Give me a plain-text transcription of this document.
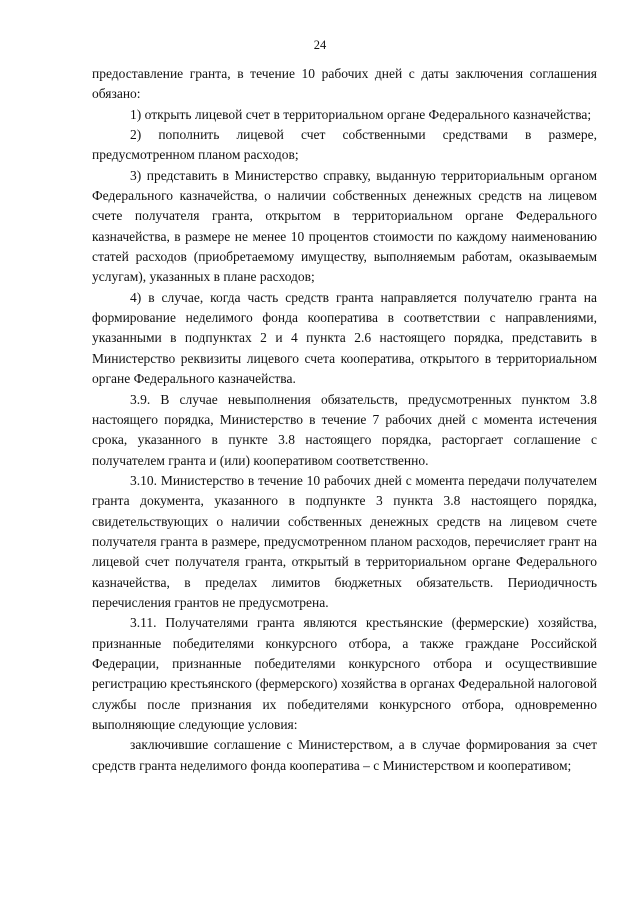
24

предоставление гранта, в течение 10 рабочих дней с даты заключения соглашения обязано:

1) открыть лицевой счет в территориальном органе Федерального казначейства;

2) пополнить лицевой счет собственными средствами в размере, предусмотренном планом расходов;

3) представить в Министерство справку, выданную территориальным органом Федерального казначейства, о наличии собственных денежных средств на лицевом счете получателя гранта, открытом в территориальном органе Федерального казначейства, в размере не менее 10 процентов стоимости по каждому наименованию статей расходов (приобретаемому имуществу, выполняемым работам, оказываемым услугам), указанных в плане расходов;

4) в случае, когда часть средств гранта направляется получателю гранта на формирование неделимого фонда кооператива в соответствии с направлениями, указанными в подпунктах 2 и 4 пункта 2.6 настоящего порядка, представить в Министерство реквизиты лицевого счета кооператива, открытого в территориальном органе Федерального казначейства.

3.9. В случае невыполнения обязательств, предусмотренных пунктом 3.8 настоящего порядка, Министерство в течение 7 рабочих дней с момента истечения срока, указанного в пункте 3.8 настоящего порядка, расторгает соглашение с получателем гранта и (или) кооперативом соответственно.

3.10. Министерство в течение 10 рабочих дней с момента передачи получателем гранта документа, указанного в подпункте 3 пункта 3.8 настоящего порядка, свидетельствующих о наличии собственных денежных средств на лицевом счете получателя гранта в размере, предусмотренном планом расходов, перечисляет грант на лицевой счет получателя гранта, открытый в территориальном органе Федерального казначейства, в пределах лимитов бюджетных обязательств. Периодичность перечисления грантов не предусмотрена.

3.11. Получателями гранта являются крестьянские (фермерские) хозяйства, признанные победителями конкурсного отбора, а также граждане Российской Федерации, признанные победителями конкурсного отбора и осуществившие регистрацию крестьянского (фермерского) хозяйства в органах Федеральной налоговой службы после признания их победителями конкурсного отбора, одновременно выполняющие следующие условия:

заключившие соглашение с Министерством, а в случае формирования за счет средств гранта неделимого фонда кооператива – с Министерством и кооперативом;
